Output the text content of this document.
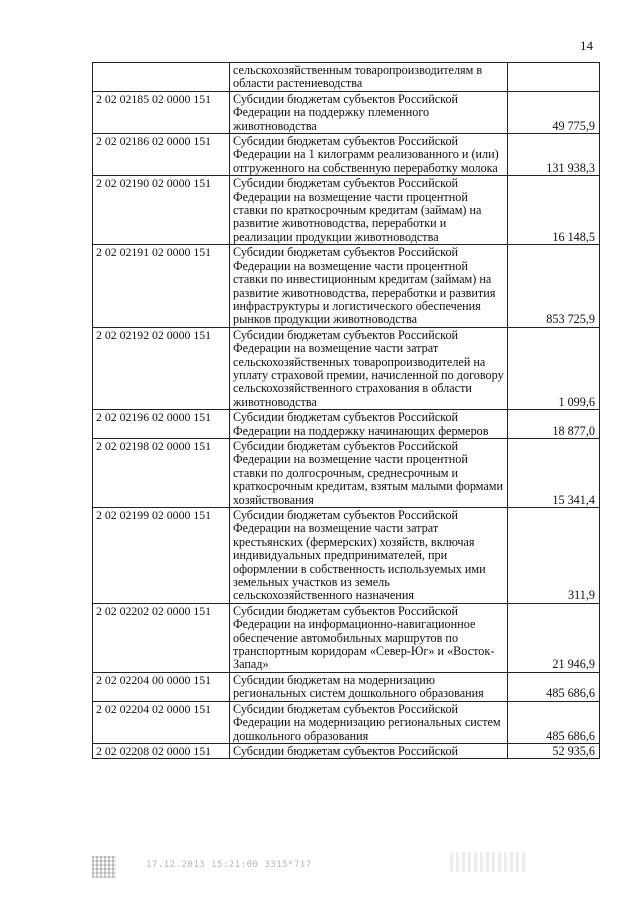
14
	сельскохозяйственным товаропроизводителям в области растениеводства	
2 02 02185 02 0000 151	Субсидии бюджетам субъектов Российской Федерации на поддержку племенного животноводства	49 775,9
2 02 02186 02 0000 151	Субсидии бюджетам субъектов Российской Федерации на 1 килограмм реализованного и (или) отгруженного на собственную переработку молока	131 938,3
2 02 02190 02 0000 151	Субсидии бюджетам субъектов Российской Федерации на возмещение части процентной ставки по краткосрочным кредитам (займам) на развитие животноводства, переработки и реализации продукции животноводства	16 148,5
2 02 02191 02 0000 151	Субсидии бюджетам субъектов Российской Федерации на возмещение части процентной ставки по инвестиционным кредитам (займам) на развитие животноводства, переработки и развития инфраструктуры и логистического обеспечения рынков продукции животноводства	853 725,9
2 02 02192 02 0000 151	Субсидии бюджетам субъектов Российской Федерации на возмещение части затрат сельскохозяйственных товаропроизводителей на уплату страховой премии, начисленной по договору сельскохозяйственного страхования в области животноводства	1 099,6
2 02 02196 02 0000 151	Субсидии бюджетам субъектов Российской Федерации на поддержку начинающих фермеров	18 877,0
2 02 02198 02 0000 151	Субсидии бюджетам субъектов Российской Федерации на возмещение части процентной ставки по долгосрочным, среднесрочным и краткосрочным кредитам, взятым малыми формами хозяйствования	15 341,4
2 02 02199 02 0000 151	Субсидии бюджетам субъектов Российской Федерации на возмещение части затрат крестьянских (фермерских) хозяйств, включая индивидуальных предпринимателей, при оформлении в собственность используемых ими земельных участков из земель сельскохозяйственного назначения	311,9
2 02 02202 02 0000 151	Субсидии бюджетам субъектов Российской Федерации на информационно-навигационное обеспечение автомобильных маршрутов по транспортным коридорам «Север-Юг» и «Восток-Запад»	21 946,9
2 02 02204 00 0000 151	Субсидии бюджетам на модернизацию региональных систем дошкольного образования	485 686,6
2 02 02204 02 0000 151	Субсидии бюджетам субъектов Российской Федерации на модернизацию региональных систем дошкольного образования	485 686,6
2 02 02208 02 0000 151	Субсидии бюджетам субъектов Российской	52 935,6
17.12.2013 15:21:00 3315*717
